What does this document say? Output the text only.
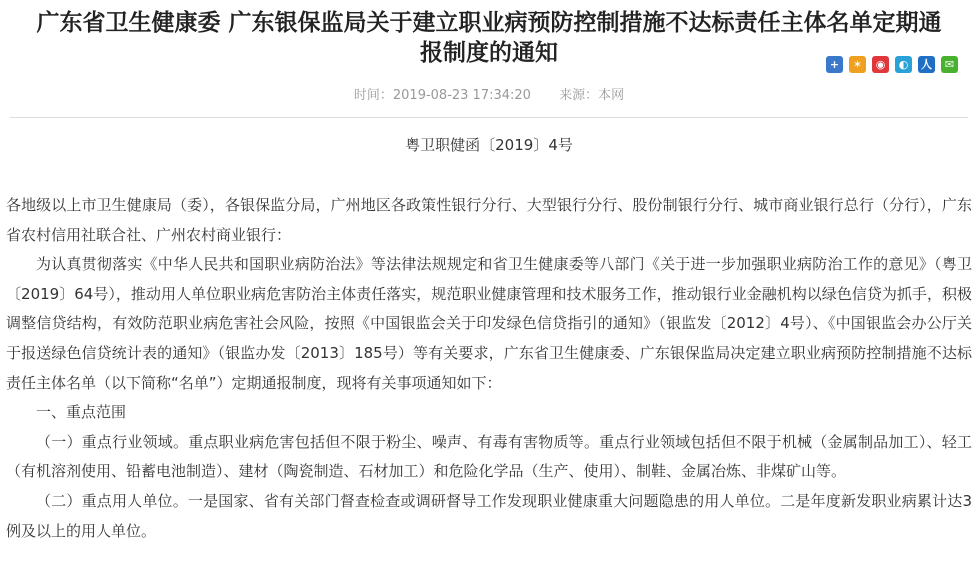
广东省卫生健康委 广东银保监局关于建立职业病预防控制措施不达标责任主体名单定期通
报制度的通知	+	✶	◉	◐	人	✉
时间：2019-08-23 17:34:20 来源：本网
粤卫职健函〔2019〕4号

各地级以上市卫生健康局（委），各银保监分局，广州地区各政策性银行分行、大型银行分行、股份制银行分行、城市商业银行总行（分行），广东省农村信用社联合社、广州农村商业银行：

为认真贯彻落实《中华人民共和国职业病防治法》等法律法规规定和省卫生健康委等八部门《关于进一步加强职业病防治工作的意见》（粤卫〔2019〕64号），推动用人单位职业病危害防治主体责任落实，规范职业健康管理和技术服务工作，推动银行业金融机构以绿色信贷为抓手，积极调整信贷结构，有效防范职业病危害社会风险，按照《中国银监会关于印发绿色信贷指引的通知》（银监发〔2012〕4号）、《中国银监会办公厅关于报送绿色信贷统计表的通知》（银监办发〔2013〕185号）等有关要求，广东省卫生健康委、广东银保监局决定建立职业病预防控制措施不达标责任主体名单（以下简称“名单”）定期通报制度，现将有关事项通知如下：

一、重点范围

（一）重点行业领域。重点职业病危害包括但不限于粉尘、噪声、有毒有害物质等。重点行业领域包括但不限于机械（金属制品加工）、轻工（有机溶剂使用、铅蓄电池制造）、建材（陶瓷制造、石材加工）和危险化学品（生产、使用）、制鞋、金属冶炼、非煤矿山等。

（二）重点用人单位。一是国家、省有关部门督查检查或调研督导工作发现职业健康重大问题隐患的用人单位。二是年度新发职业病累计达3例及以上的用人单位。
